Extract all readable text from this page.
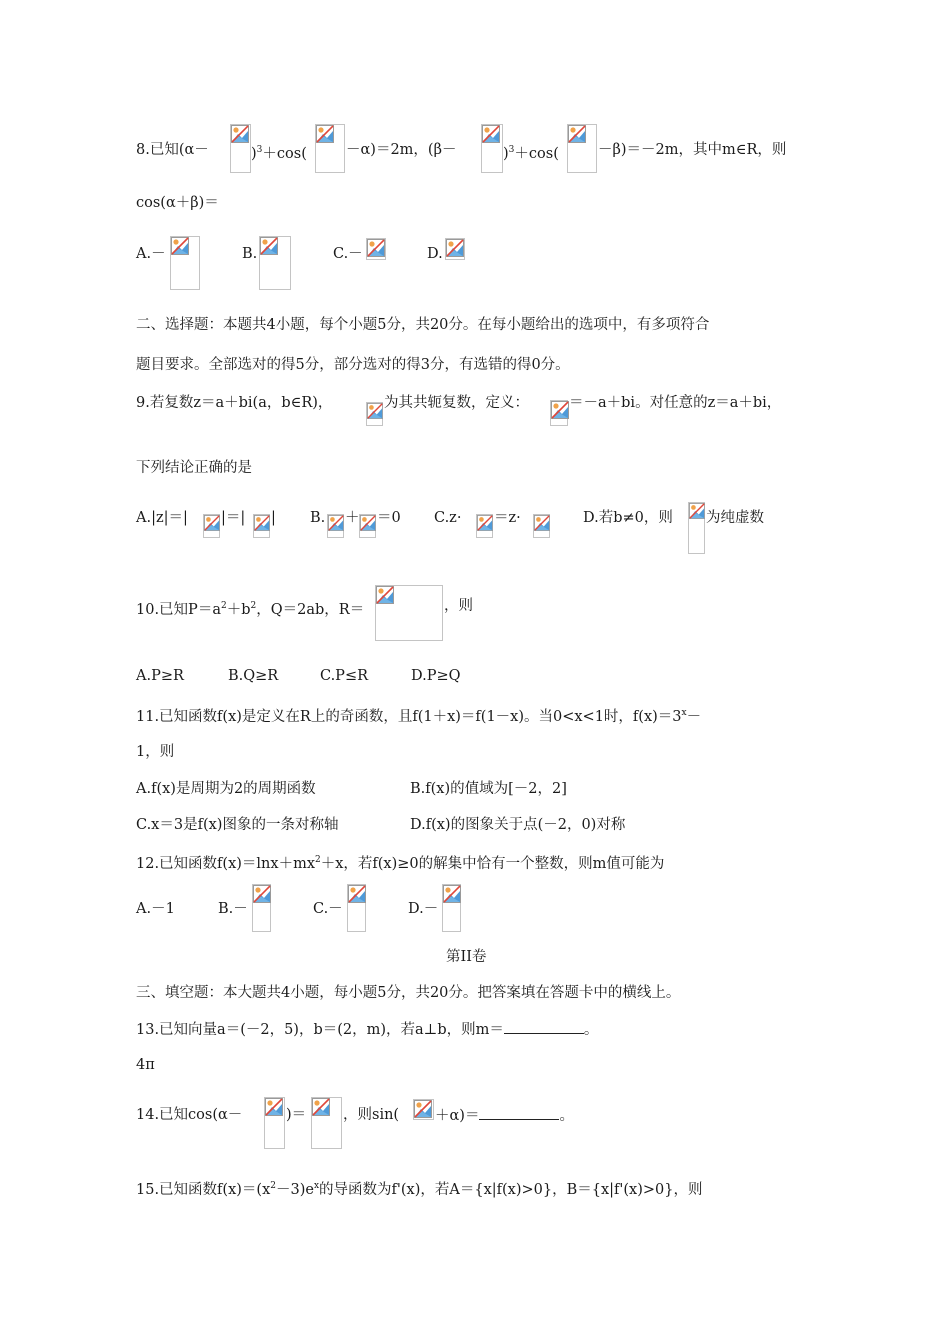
8.已知(α－	)$^3$＋cos(	－α)＝2m，(β－	)$^3$＋cos(	－β)＝－2m，其中m∈R，则
cos(α＋β)＝
A.－	B.	C.－	D.
二、选择题：本题共4小题，每个小题5分，共20分。在每小题给出的选项中，有多项符合
题目要求。全部选对的得5分，部分选对的得3分，有选错的得0分。
9.若复数z＝a＋bi(a，b∈R)，	为其共轭复数，定义：	＝－a＋bi。对任意的z＝a＋bi，
下列结论正确的是
A.|z|＝| |＝| | B. ＋ ＝0 C.z· ＝z·	D.若b≠0，则 为纯虚数
10.已知$P=a^2+b^2$，Q＝2ab，R＝	，则
A.P≥R	B.Q≥R	C.P≤R	D.P≥Q
11.已知函数f(x)是定义在R上的奇函数，且f(1＋x)＝f(1－x)。当0<x<1时，$f(x)=3^x-$
1，则
A.f(x)是周期为2的周期函数	B.f(x)的值域为[－2，2]
C.x＝3是f(x)图象的一条对称轴	D.f(x)的图象关于点(－2，0)对称
12.已知函数$f(x)=\ln x+mx^2+x$，若f(x)≥0的解集中恰有一个整数，则m值可能为
A.－1	B.－	C.－	D.－
第II卷
三、填空题：本大题共4小题，每小题5分，共20分。把答案填在答题卡中的横线上。
13.已知向量a＝(－2，5)，b＝(2，m)，若a⊥b，则m＝	。
4π
14.已知cos(α－	)＝	，则sin( ＋α)＝	。
15.已知函数$f(x)=(x^2-3)e^x$的导函数为f'(x)，若A＝{x|f(x)>0}，B＝{x|f'(x)>0}，则
